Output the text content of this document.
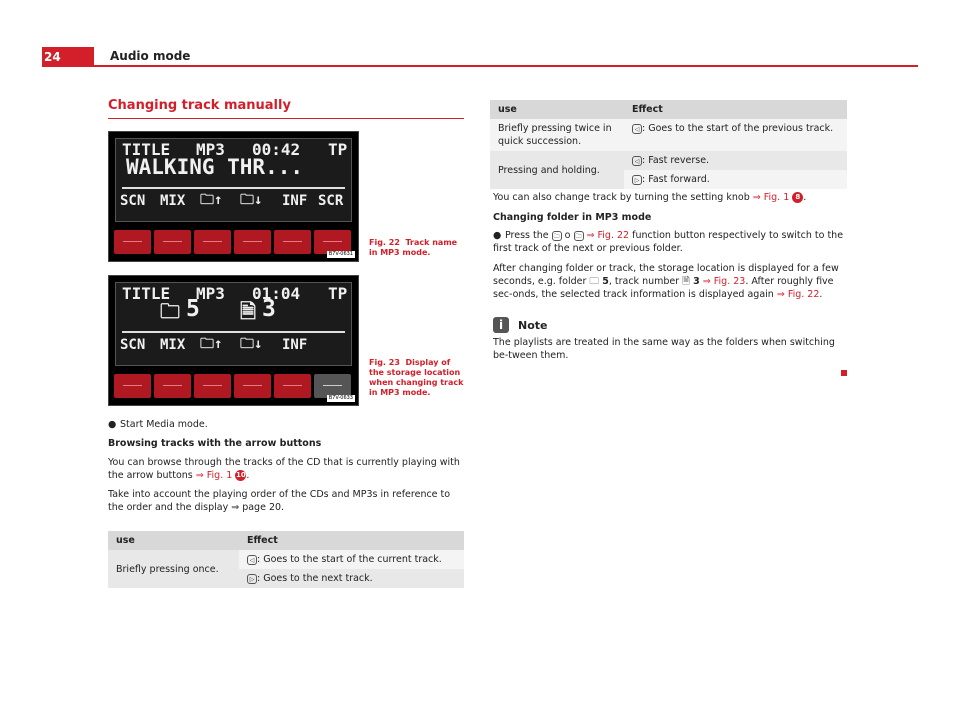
24	Audio mode
Changing track manually
TITLE MP3 00:42 TP
WALKING THR...
SCN MIX 🗀↑ 🗀↓ INF SCR
B7V-0631
Fig. 22 Track name in MP3 mode.
TITLE MP3 01:04 TP
🗀 5 🗎 3
SCN MIX 🗀↑ 🗀↓ INF
B7V-0633
Fig. 23 Display of the storage location when changing track in MP3 mode.

● Start Media mode.

Browsing tracks with the arrow buttons

You can browse through the tracks of the CD that is currently playing with the arrow buttons ⇒ Fig. 1 10.

Take into account the playing order of the CDs and MP3s in reference to the order and the display ⇒ page 20.

use	Effect
Briefly pressing once.	◁ : Goes to the start of the current track.
	▷ : Goes to the next track.
use	Effect
Briefly pressing twice in quick succession.	◁ : Goes to the start of the previous track.
Pressing and holding.	◁ : Fast reverse.
	▷ : Fast forward.

You can also change track by turning the setting knob ⇒ Fig. 1 8 .

Changing folder in MP3 mode

● Press the 🗀 o 🗀 ⇒ Fig. 22 function button respectively to switch to the first track of the next or previous folder.

After changing folder or track, the storage location is displayed for a few seconds, e.g. folder 🗀 5, track number 🗎 3 ⇒ Fig. 23. After roughly five sec-onds, the selected track information is displayed again ⇒ Fig. 22.

i Note

The playlists are treated in the same way as the folders when switching be-tween them.
